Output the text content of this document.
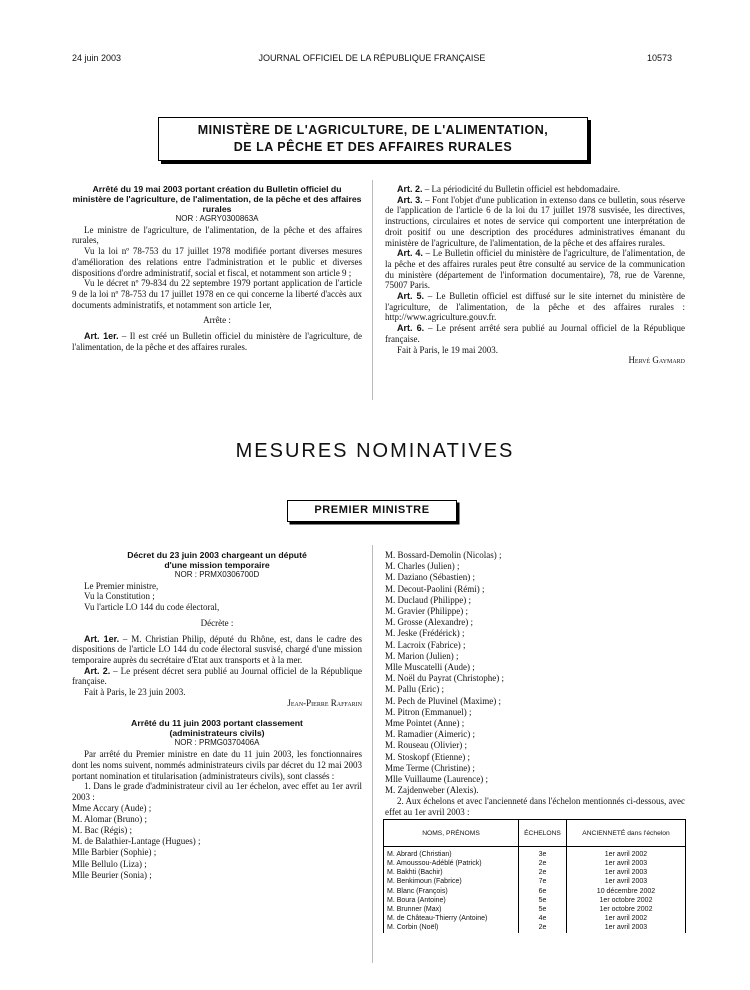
24 juin 2003	JOURNAL OFFICIEL DE LA RÉPUBLIQUE FRANÇAISE	10573
MINISTÈRE DE L'AGRICULTURE, DE L'ALIMENTATION,
DE LA PÊCHE ET DES AFFAIRES RURALES

Arrêté du 19 mai 2003 portant création du Bulletin officiel du ministère de l'agriculture, de l'alimentation, de la pêche et des affaires rurales

NOR : AGRY0300863A

Le ministre de l'agriculture, de l'alimentation, de la pêche et des affaires rurales,

Vu la loi nº 78-753 du 17 juillet 1978 modifiée portant diverses mesures d'amélioration des relations entre l'administration et le public et diverses dispositions d'ordre administratif, social et fiscal, et notamment son article 9 ;

Vu le décret nº 79-834 du 22 septembre 1979 portant application de l'article 9 de la loi nº 78-753 du 17 juillet 1978 en ce qui concerne la liberté d'accès aux documents administratifs, et notamment son article 1er,

Arrête :

Art. 1er. – Il est créé un Bulletin officiel du ministère de l'agriculture, de l'alimentation, de la pêche et des affaires rurales.

Art. 2. – La périodicité du Bulletin officiel est hebdomadaire.

Art. 3. – Font l'objet d'une publication in extenso dans ce bulletin, sous réserve de l'application de l'article 6 de la loi du 17 juillet 1978 susvisée, les directives, instructions, circulaires et notes de service qui comportent une interprétation de droit positif ou une description des procédures administratives émanant du ministère de l'agriculture, de l'alimentation, de la pêche et des affaires rurales.

Art. 4. – Le Bulletin officiel du ministère de l'agriculture, de l'alimentation, de la pêche et des affaires rurales peut être consulté au service de la communication du ministère (département de l'information documentaire), 78, rue de Varenne, 75007 Paris.

Art. 5. – Le Bulletin officiel est diffusé sur le site internet du ministère de l'agriculture, de l'alimentation, de la pêche et des affaires rurales : http://www.agriculture.gouv.fr.

Art. 6. – Le présent arrêté sera publié au Journal officiel de la République française.

Fait à Paris, le 19 mai 2003.

Hervé Gaymard

MESURES NOMINATIVES
PREMIER MINISTRE

Décret du 23 juin 2003 chargeant un député

d'une mission temporaire

NOR : PRMX0306700D

Le Premier ministre,

Vu la Constitution ;

Vu l'article LO 144 du code électoral,

Décrète :

Art. 1er. – M. Christian Philip, député du Rhône, est, dans le cadre des dispositions de l'article LO 144 du code électoral susvisé, chargé d'une mission temporaire auprès du secrétaire d'Etat aux transports et à la mer.

Art. 2. – Le présent décret sera publié au Journal officiel de la République française.

Fait à Paris, le 23 juin 2003.

Jean-Pierre Raffarin

Arrêté du 11 juin 2003 portant classement

(administrateurs civils)

NOR : PRMG0370406A

Par arrêté du Premier ministre en date du 11 juin 2003, les fonctionnaires dont les noms suivent, nommés administrateurs civils par décret du 12 mai 2003 portant nomination et titularisation (administrateurs civils), sont classés :

1. Dans le grade d'administrateur civil au 1er échelon, avec effet au 1er avril 2003 :

Mme Accary (Aude) ;

M. Alomar (Bruno) ;

M. Bac (Régis) ;

M. de Balathier-Lantage (Hugues) ;

Mlle Barbier (Sophie) ;

Mlle Bellulo (Liza) ;

Mlle Beurier (Sonia) ;

M. Bossard-Demolin (Nicolas) ;

M. Charles (Julien) ;

M. Daziano (Sébastien) ;

M. Decout-Paolini (Rémi) ;

M. Duclaud (Philippe) ;

M. Gravier (Philippe) ;

M. Grosse (Alexandre) ;

M. Jeske (Frédérick) ;

M. Lacroix (Fabrice) ;

M. Marion (Julien) ;

Mlle Muscatelli (Aude) ;

M. Noël du Payrat (Christophe) ;

M. Pallu (Eric) ;

M. Pech de Pluvinel (Maxime) ;

M. Pitron (Emmanuel) ;

Mme Pointet (Anne) ;

M. Ramadier (Aimeric) ;

M. Rouseau (Olivier) ;

M. Stoskopf (Etienne) ;

Mme Terme (Christine) ;

Mlle Vuillaume (Laurence) ;

M. Zajdenweber (Alexis).

2. Aux échelons et avec l'ancienneté dans l'échelon mentionnés ci-dessous, avec effet au 1er avril 2003 :

NOMS, PRÉNOMS	ÉCHELONS	ANCIENNETÉ dans l'échelon
M. Abrard (Christian)	3e	1er avril 2002
M. Amoussou-Adéblé (Patrick)	2e	1er avril 2003
M. Bakhti (Bachir)	2e	1er avril 2003
M. Benkimoun (Fabrice)	7e	1er avril 2003
M. Blanc (François)	6e	10 décembre 2002
M. Boura (Antoine)	5e	1er octobre 2002
M. Brunner (Max)	5e	1er octobre 2002
M. de Château-Thierry (Antoine)	4e	1er avril 2002
M. Corbin (Noël)	2e	1er avril 2003
